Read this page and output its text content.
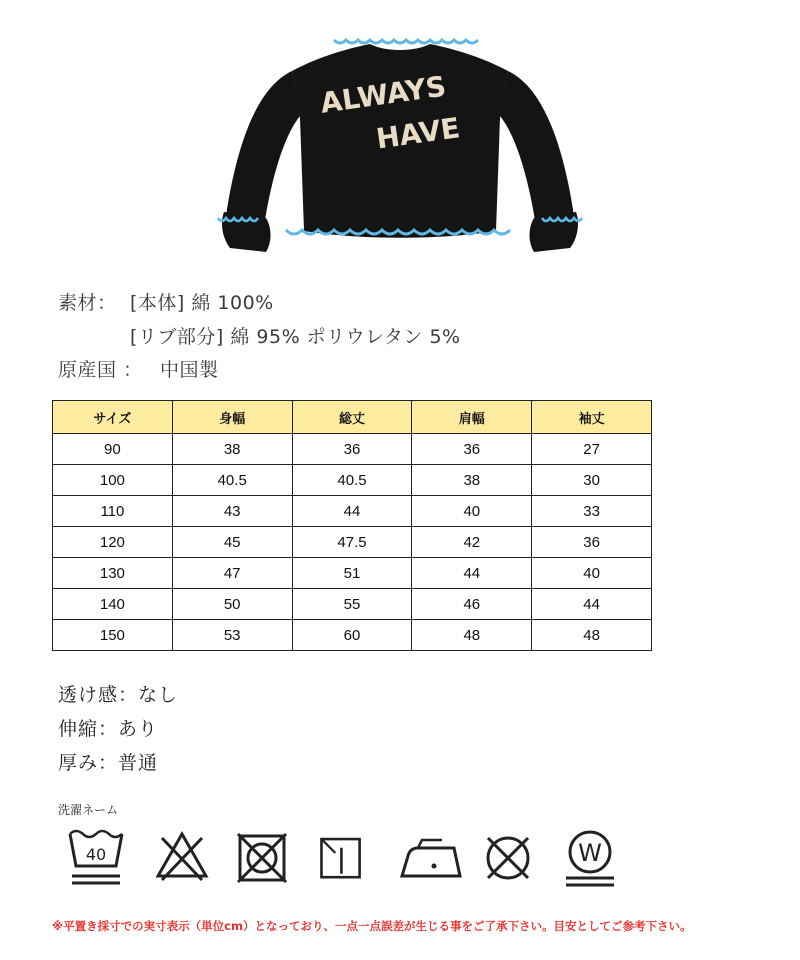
ALWAYS
HAVE
素材： [本体] 綿 100%
[リブ部分] 綿 95% ポリウレタン 5%
原産国 ： 中国製
サイズ	身幅	総丈	肩幅	袖丈
90	38	36	36	27
100	40.5	40.5	38	30
110	43	44	40	33
120	45	47.5	42	36
130	47	51	44	40
140	50	55	46	44
150	53	60	48	48
透け感：なし
伸縮：あり
厚み：普通
洗濯ネーム
40	W
※平置き採寸での実寸表示（単位cm）となっており、一点一点誤差が生じる事をご了承下さい。目安としてご参考下さい。
